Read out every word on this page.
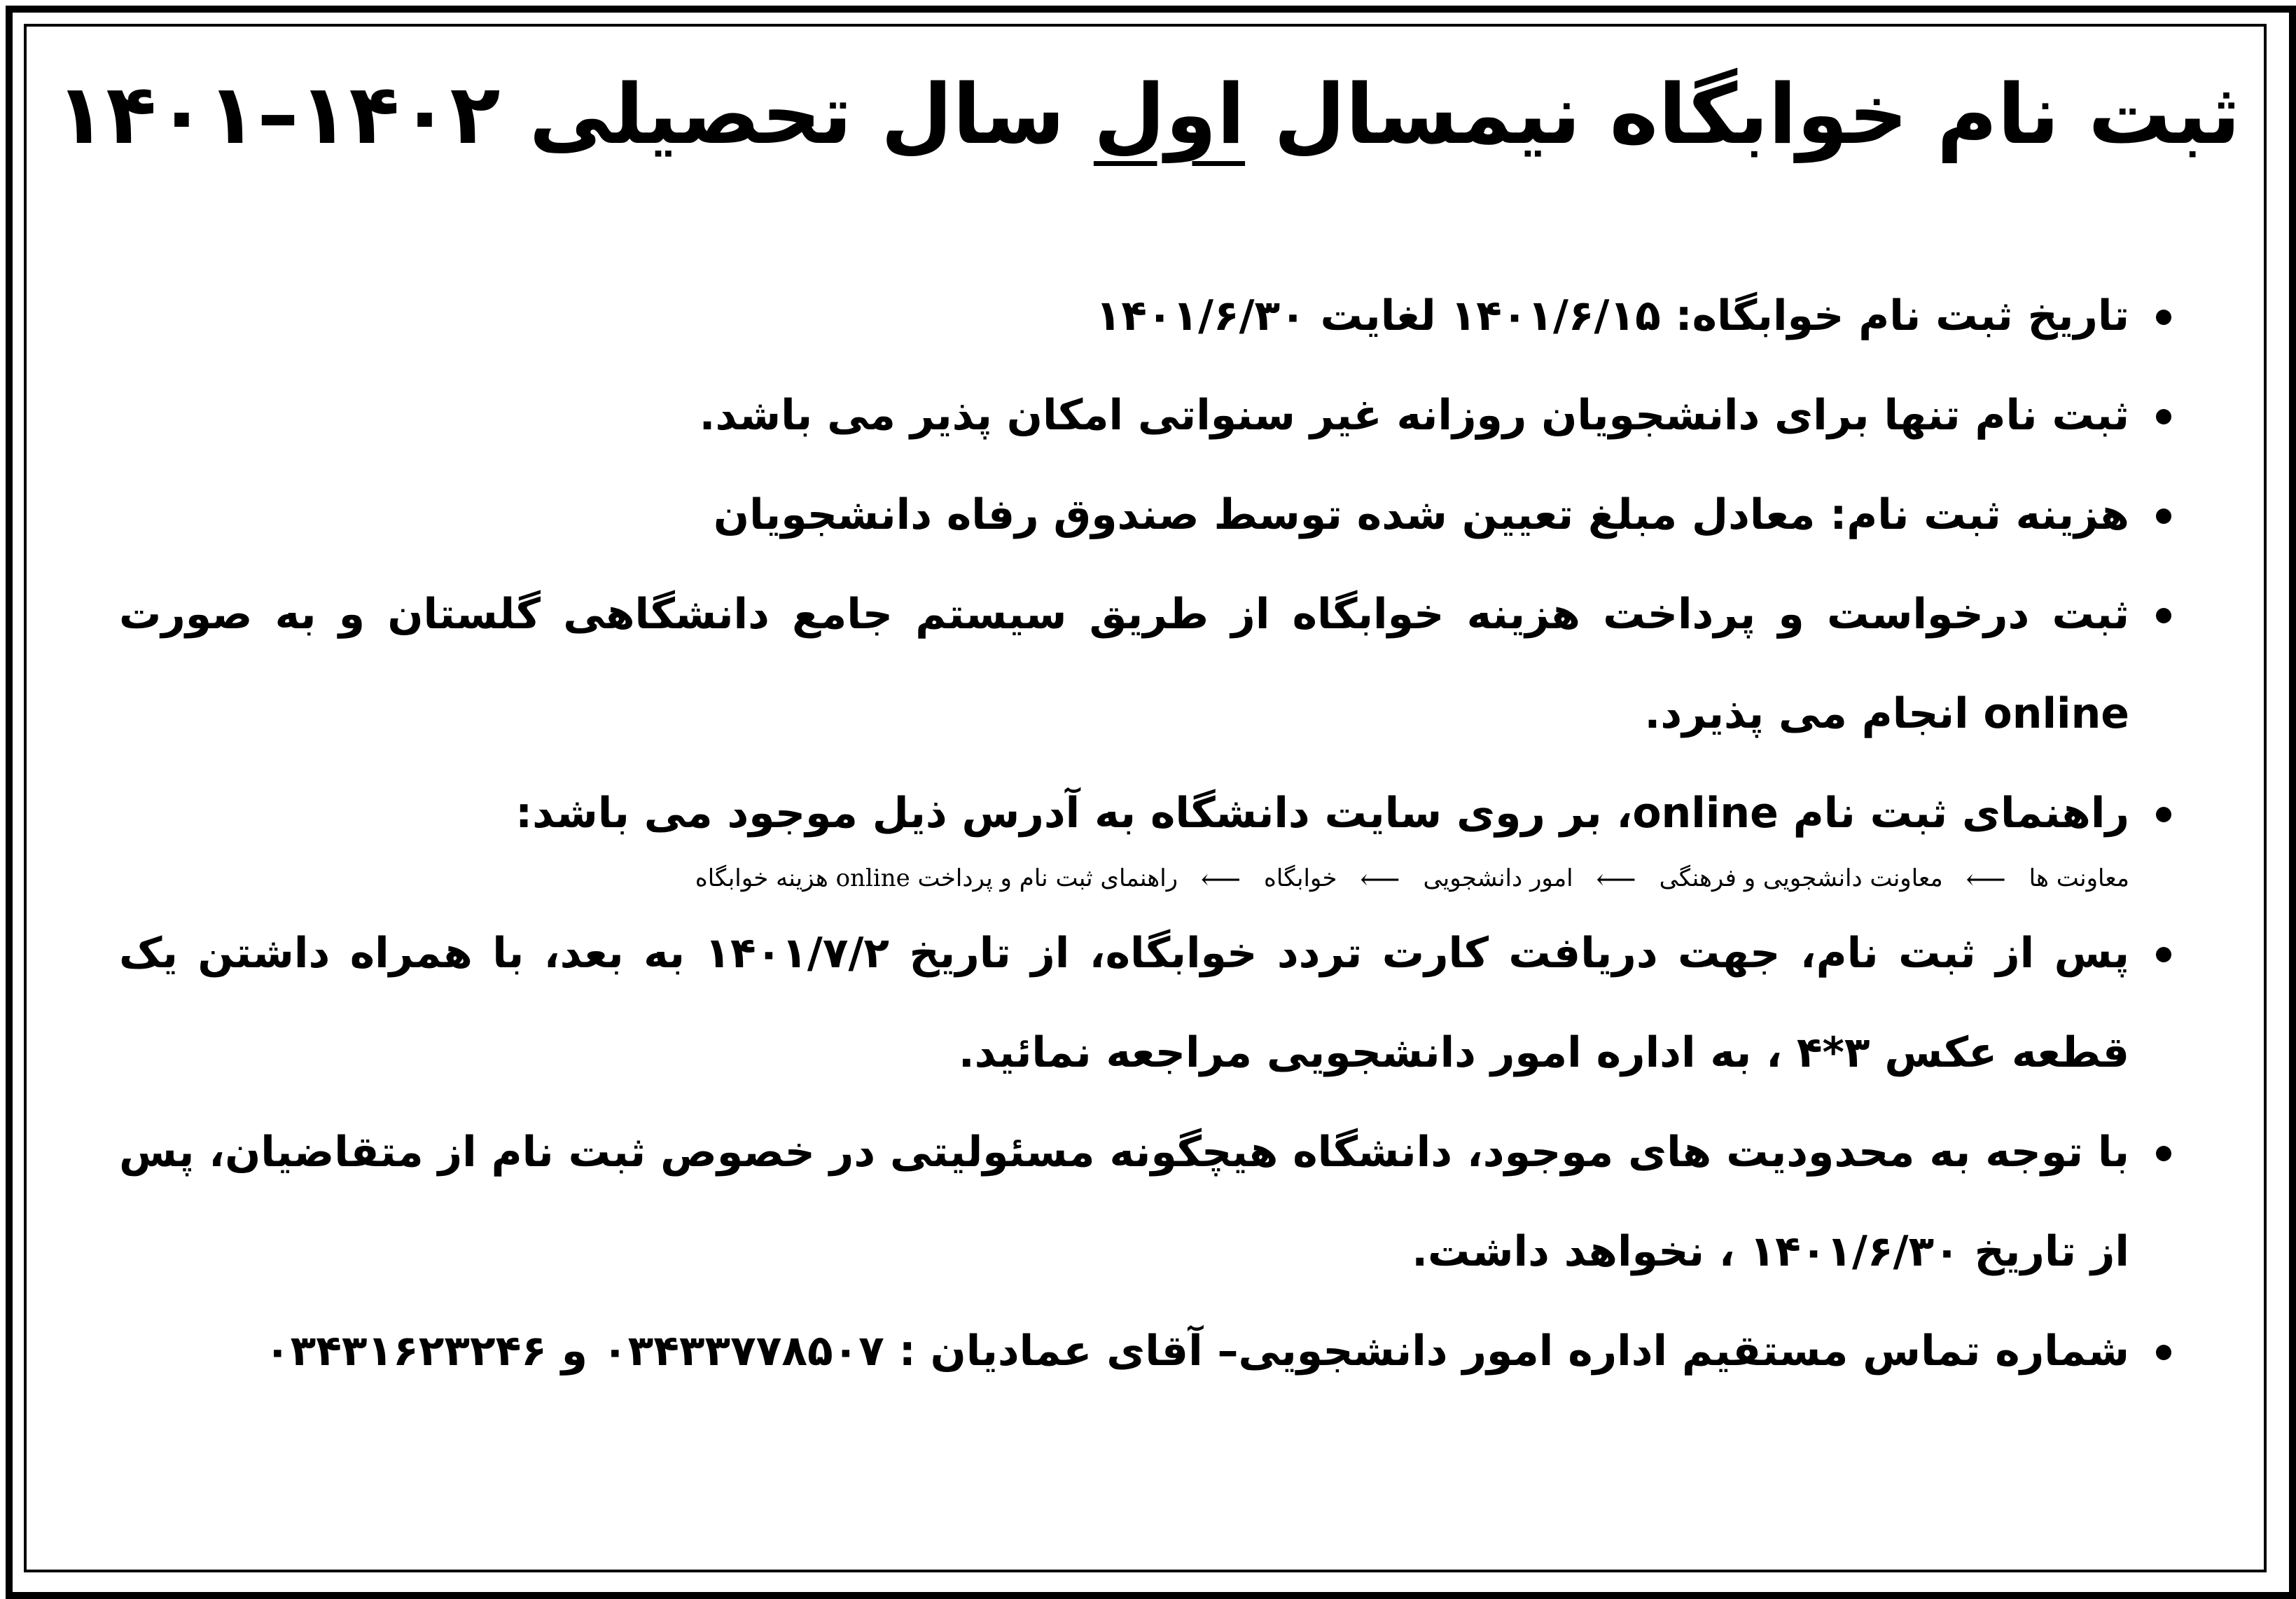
ثبت نام خوابگاه نیمسال اول سال تحصیلی ۱۴۰۲–۱۴۰۱
تاریخ ثبت نام خوابگاه: ۱۴۰۱/۶/۱۵ لغایت ۱۴۰۱/۶/۳۰
ثبت نام تنها برای دانشجویان روزانه غیر سنواتی امکان پذیر می باشد.
هزینه ثبت نام: معادل مبلغ تعیین شده توسط صندوق رفاه دانشجویان
ثبت درخواست و پرداخت هزینه خوابگاه از طریق سیستم جامع دانشگاهی گلستان و به صورت online انجام می پذیرد.
راهنمای ثبت نام online، بر روی سایت دانشگاه به آدرس ذیل موجود می باشد:
معاونت ها ⟵ معاونت دانشجویی و فرهنگی ⟵ امور دانشجویی ⟵ خوابگاه ⟵ راهنمای ثبت نام و پرداخت online هزینه خوابگاه
پس از ثبت نام، جهت دریافت کارت تردد خوابگاه، از تاریخ ۱۴۰۱/۷/۲ به بعد، با همراه داشتن یک قطعه عکس ۳*۴ ، به اداره امور دانشجویی مراجعه نمائید.
با توجه به محدودیت های موجود، دانشگاه هیچگونه مسئولیتی در خصوص ثبت نام از متقاضیان، پس از تاریخ ۱۴۰۱/۶/۳۰ ، نخواهد داشت.
شماره تماس مستقیم اداره امور دانشجویی– آقای عمادیان : ۰۳۴۳۳۷۷۸۵۰۷ و ۰۳۴۳۱۶۲۳۲۴۶
